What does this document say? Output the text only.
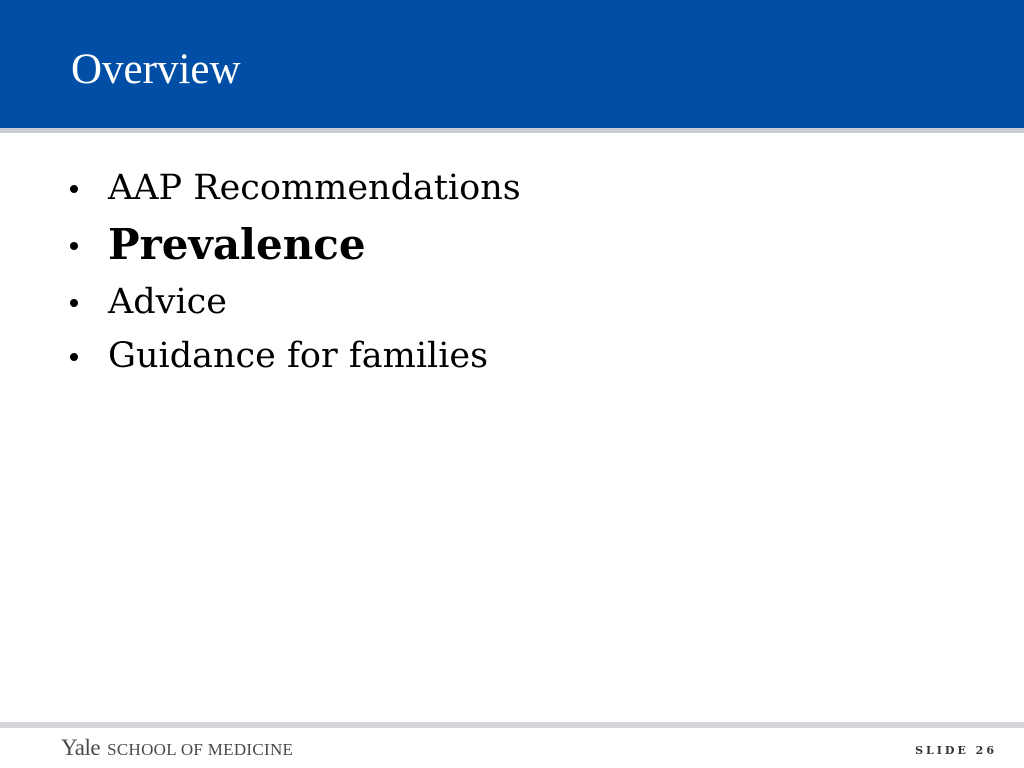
Overview
AAP Recommendations
Prevalence
Advice
Guidance for families
Yale SCHOOL OF MEDICINE	SLIDE 26
